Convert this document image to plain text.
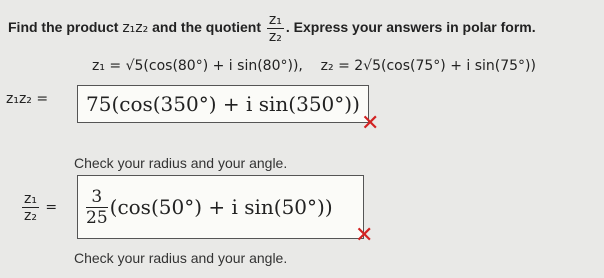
Find the product z₁z₂ and the quotient $\frac{\text{z₁}}{\text{z₂}}$ . Express your answers in polar form.
z₁ = √5(cos(80°) + i sin(80°)), z₂ = 2√5(cos(75°) + i sin(75°))
z₁z₂ = 75(cos(350°) + i sin(350°))
✕
Check your radius and your angle.
$\frac{\text{z₁}}{\text{z₂}} = \frac{3}{25} (\cos(50^\circ) + i$ sin(50°))
✕
Check your radius and your angle.
